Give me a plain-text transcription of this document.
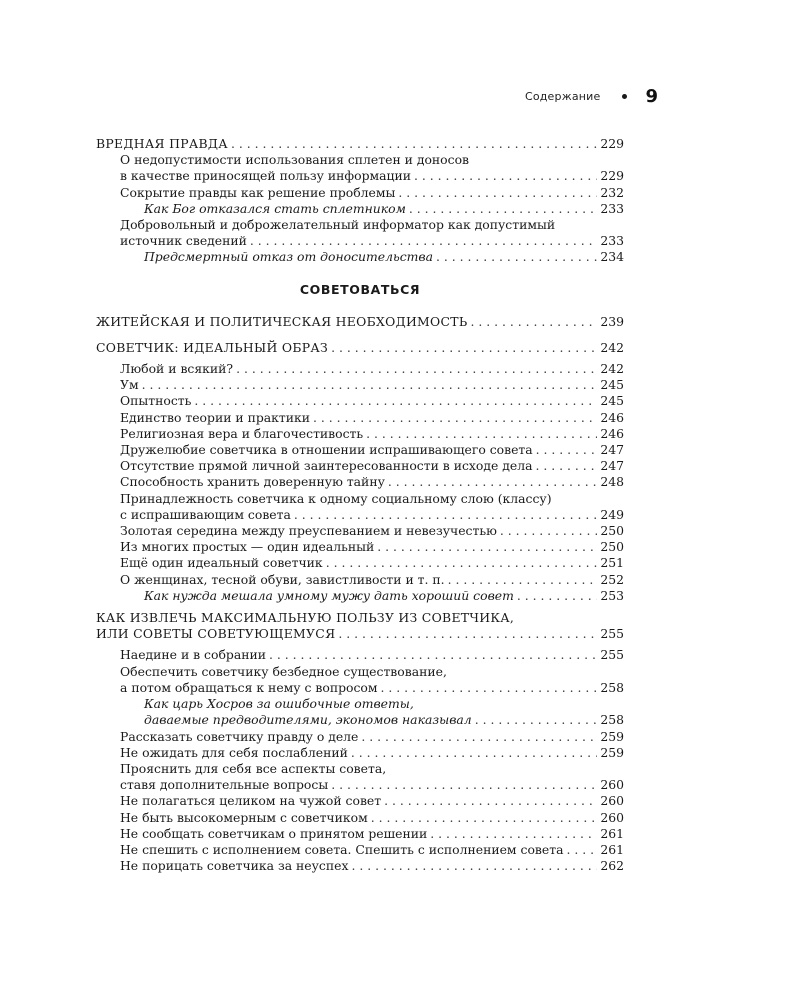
Содержание	9
ВРЕДНАЯ ПРАВДА . . .	229
О недопустимости использования сплетен и доносов
в качестве приносящей пользу информации . . .	229
Сокрытие правды как решение проблемы . . .	232
Как Бог отказался стать сплетником . . .	233
Добровольный и доброжелательный информатор как допустимый
источник сведений . . .	233
Предсмертный отказ от доносительства . . .	234
СОВЕТОВАТЬСЯ
ЖИТЕЙСКАЯ И ПОЛИТИЧЕСКАЯ НЕОБХОДИМОСТЬ . . .	239
СОВЕТЧИК: ИДЕАЛЬНЫЙ ОБРАЗ . . .	242
Любой и всякий? . . .	242
Ум . . .	245
Опытность . . .	245
Единство теории и практики . . .	246
Религиозная вера и благочестивость . . .	246
Дружелюбие советчика в отношении испрашивающего совета . . .	247
Отсутствие прямой личной заинтересованности в исходе дела . . .	247
Способность хранить доверенную тайну . . .	248
Принадлежность советчика к одному социальному слою (классу)
с испрашивающим совета . . .	249
Золотая середина между преуспеванием и невезучестью . . .	250
Из многих простых — один идеальный . . .	250
Ещё один идеальный советчик . . .	251
О женщинах, тесной обуви, завистливости и т. п. . . .	252
Как нужда мешала умному мужу дать хороший совет . . .	253
КАК ИЗВЛЕЧЬ МАКСИМАЛЬНУЮ ПОЛЬЗУ ИЗ СОВЕТЧИКА,
ИЛИ СОВЕТЫ СОВЕТУЮЩЕМУСЯ . . .	255
Наедине и в собрании . . .	255
Обеспечить советчику безбедное существование,
а потом обращаться к нему с вопросом . . .	258
Как царь Хосров за ошибочные ответы,
даваемые предводителями, экономов наказывал . . .	258
Рассказать советчику правду о деле . . .	259
Не ожидать для себя послаблений . . .	259
Прояснить для себя все аспекты совета,
ставя дополнительные вопросы . . .	260
Не полагаться целиком на чужой совет . . .	260
Не быть высокомерным с советчиком . . .	260
Не сообщать советчикам о принятом решении . . .	261
Не спешить с исполнением совета. Спешить с исполнением совета . . .	261
Не порицать советчика за неуспех . . .	262
